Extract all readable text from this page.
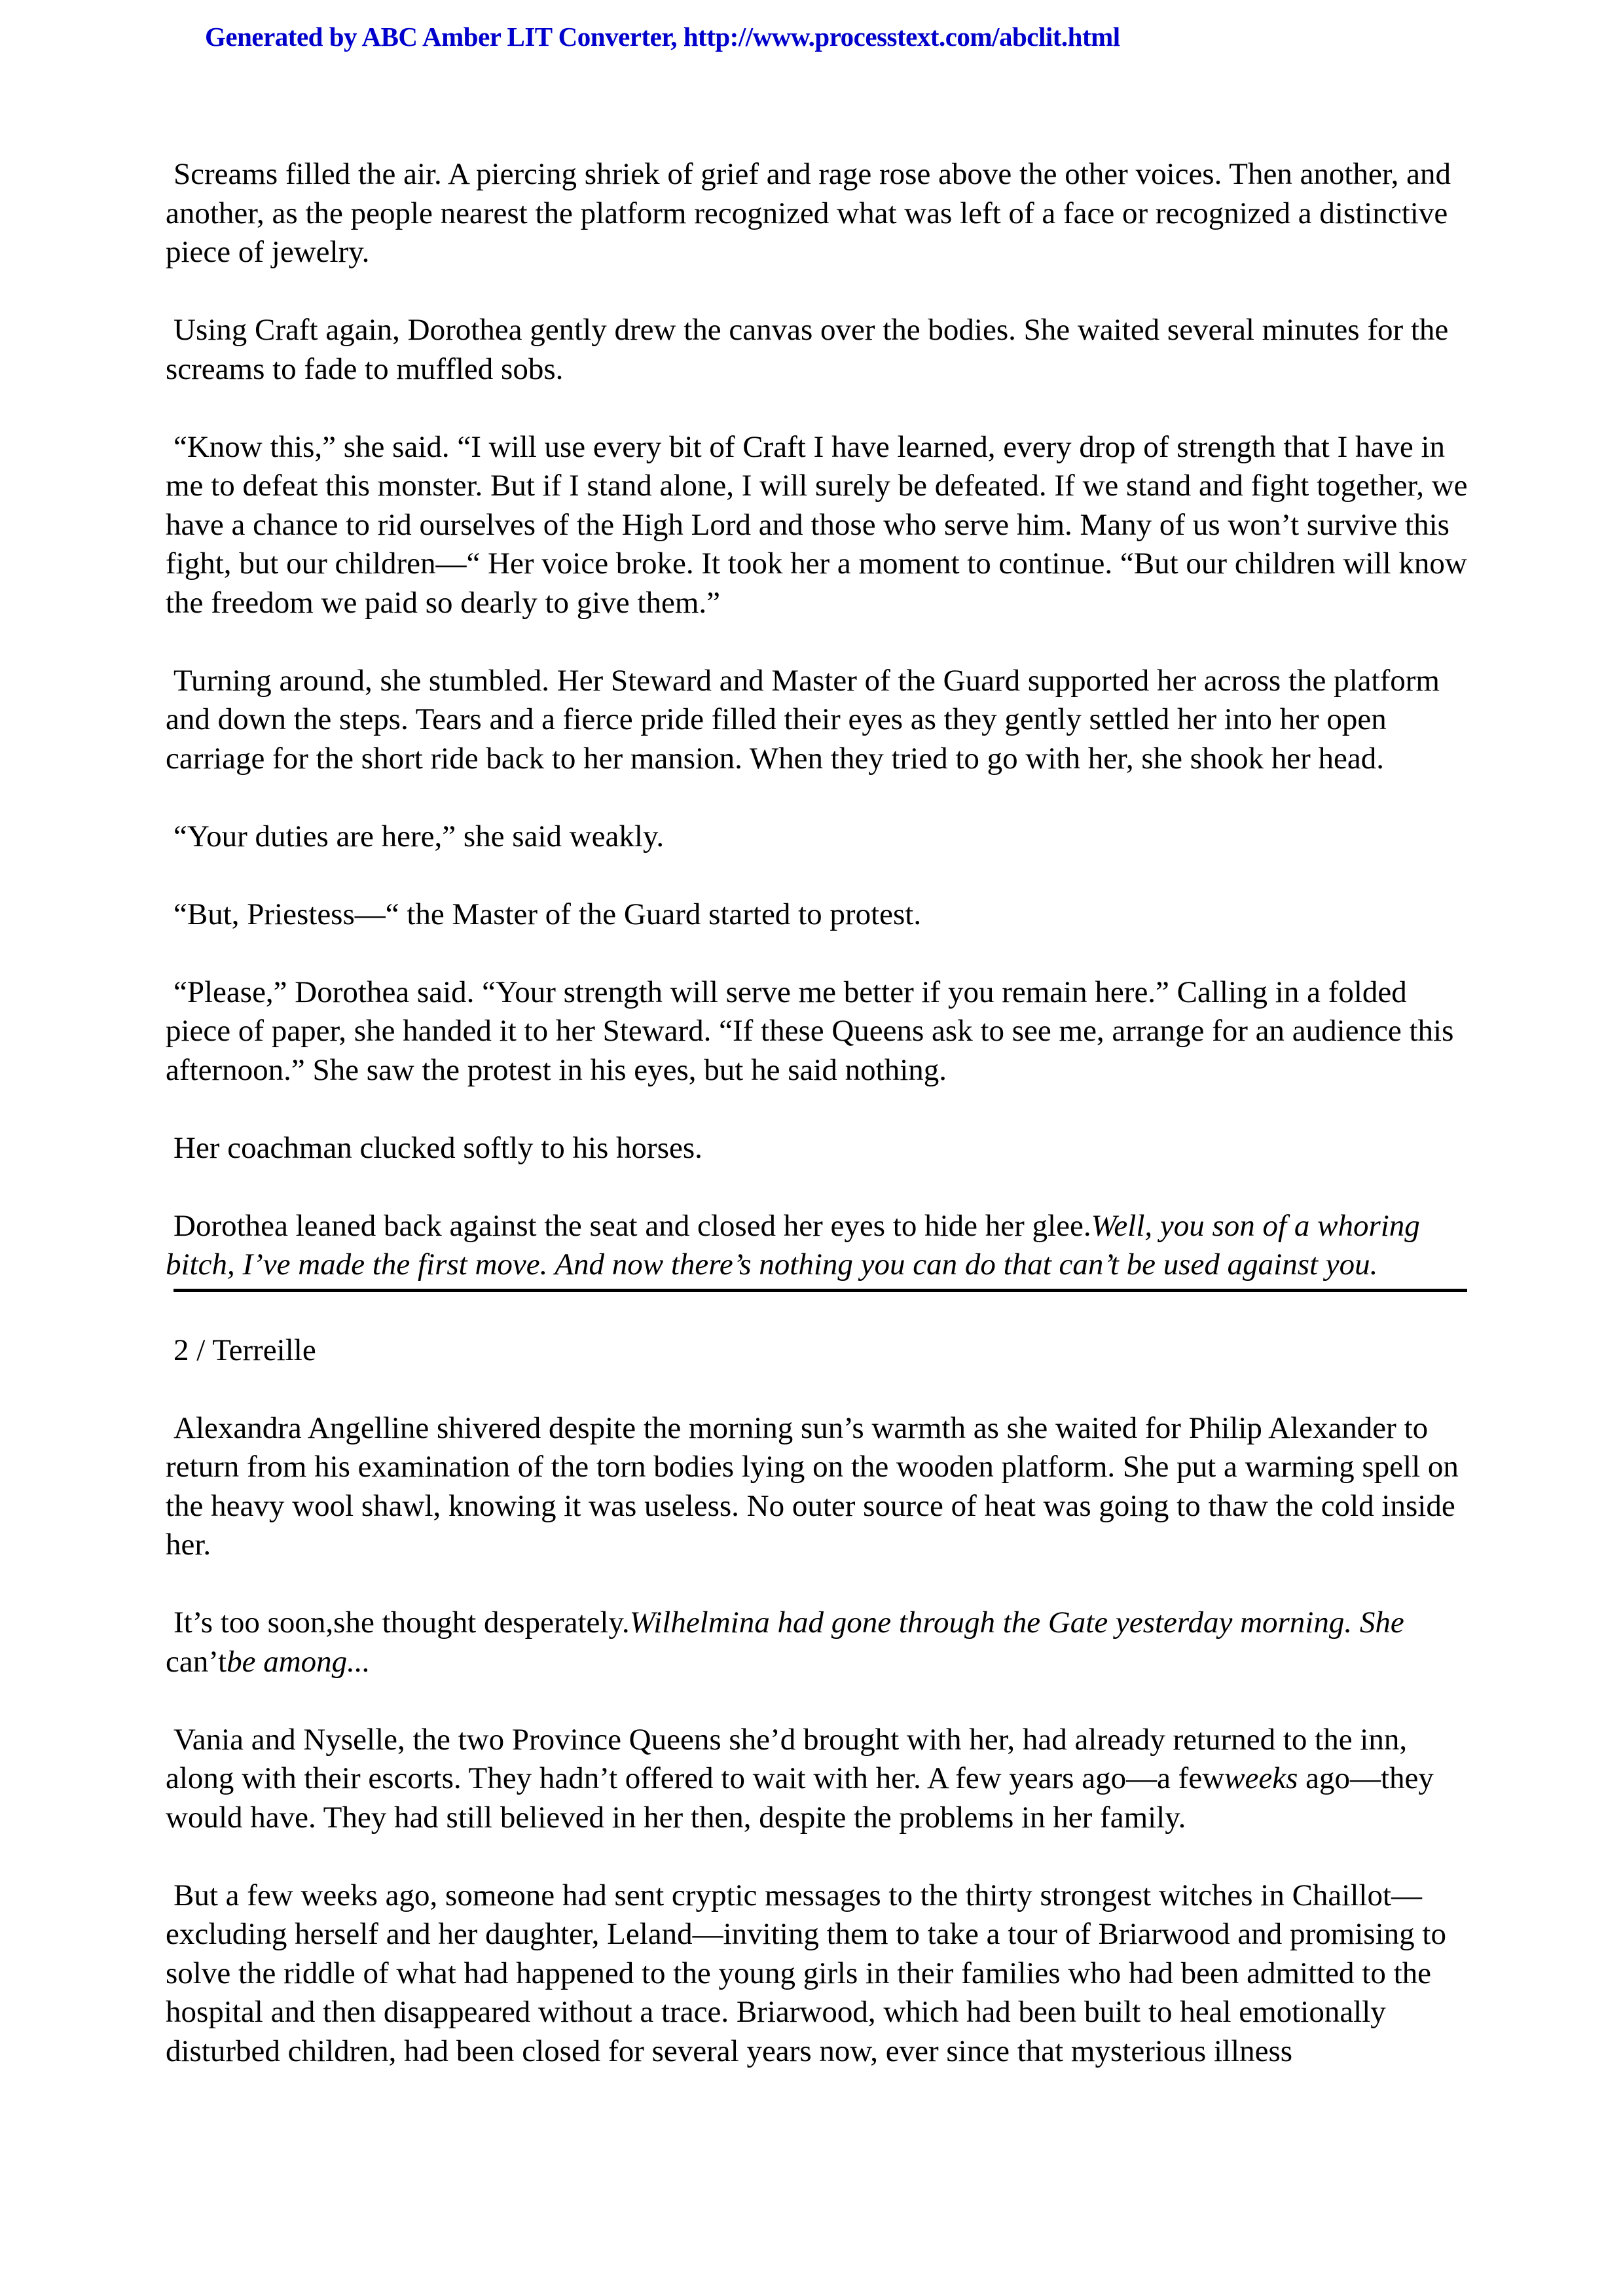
Generated by ABC Amber LIT Converter, http://www.processtext.com/abclit.html

Screams filled the air. A piercing shriek of grief and rage rose above the other voices. Then another, and another, as the people nearest the platform recognized what was left of a face or recognized a distinctive piece of jewelry.

Using Craft again, Dorothea gently drew the canvas over the bodies. She waited several minutes for the screams to fade to muffled sobs.

“Know this,” she said. “I will use every bit of Craft I have learned, every drop of strength that I have in me to defeat this monster. But if I stand alone, I will surely be defeated. If we stand and fight together, we have a chance to rid ourselves of the High Lord and those who serve him. Many of us won’t survive this fight, but our children—“ Her voice broke. It took her a moment to continue. “But our children will know the freedom we paid so dearly to give them.”

Turning around, she stumbled. Her Steward and Master of the Guard supported her across the platform and down the steps. Tears and a fierce pride filled their eyes as they gently settled her into her open carriage for the short ride back to her mansion. When they tried to go with her, she shook her head.

“Your duties are here,” she said weakly.

“But, Priestess—“ the Master of the Guard started to protest.

“Please,” Dorothea said. “Your strength will serve me better if you remain here.” Calling in a folded piece of paper, she handed it to her Steward. “If these Queens ask to see me, arrange for an audience this afternoon.” She saw the protest in his eyes, but he said nothing.

Her coachman clucked softly to his horses.

Dorothea leaned back against the seat and closed her eyes to hide her glee.Well, you son of a whoring bitch, I’ve made the first move. And now there’s nothing you can do that can’t be used against you.

2 / Terreille

Alexandra Angelline shivered despite the morning sun’s warmth as she waited for Philip Alexander to return from his examination of the torn bodies lying on the wooden platform. She put a warming spell on the heavy wool shawl, knowing it was useless. No outer source of heat was going to thaw the cold inside her.

It’s too soon,she thought desperately.Wilhelmina had gone through the Gate yesterday morning. She can’tbe among...

Vania and Nyselle, the two Province Queens she’d brought with her, had already returned to the inn, along with their escorts. They hadn’t offered to wait with her. A few years ago—a fewweeks ago—they would have. They had still believed in her then, despite the problems in her family.

But a few weeks ago, someone had sent cryptic messages to the thirty strongest witches in Chaillot—excluding herself and her daughter, Leland—inviting them to take a tour of Briarwood and promising to solve the riddle of what had happened to the young girls in their families who had been admitted to the hospital and then disappeared without a trace. Briarwood, which had been built to heal emotionally disturbed children, had been closed for several years now, ever since that mysterious illness
